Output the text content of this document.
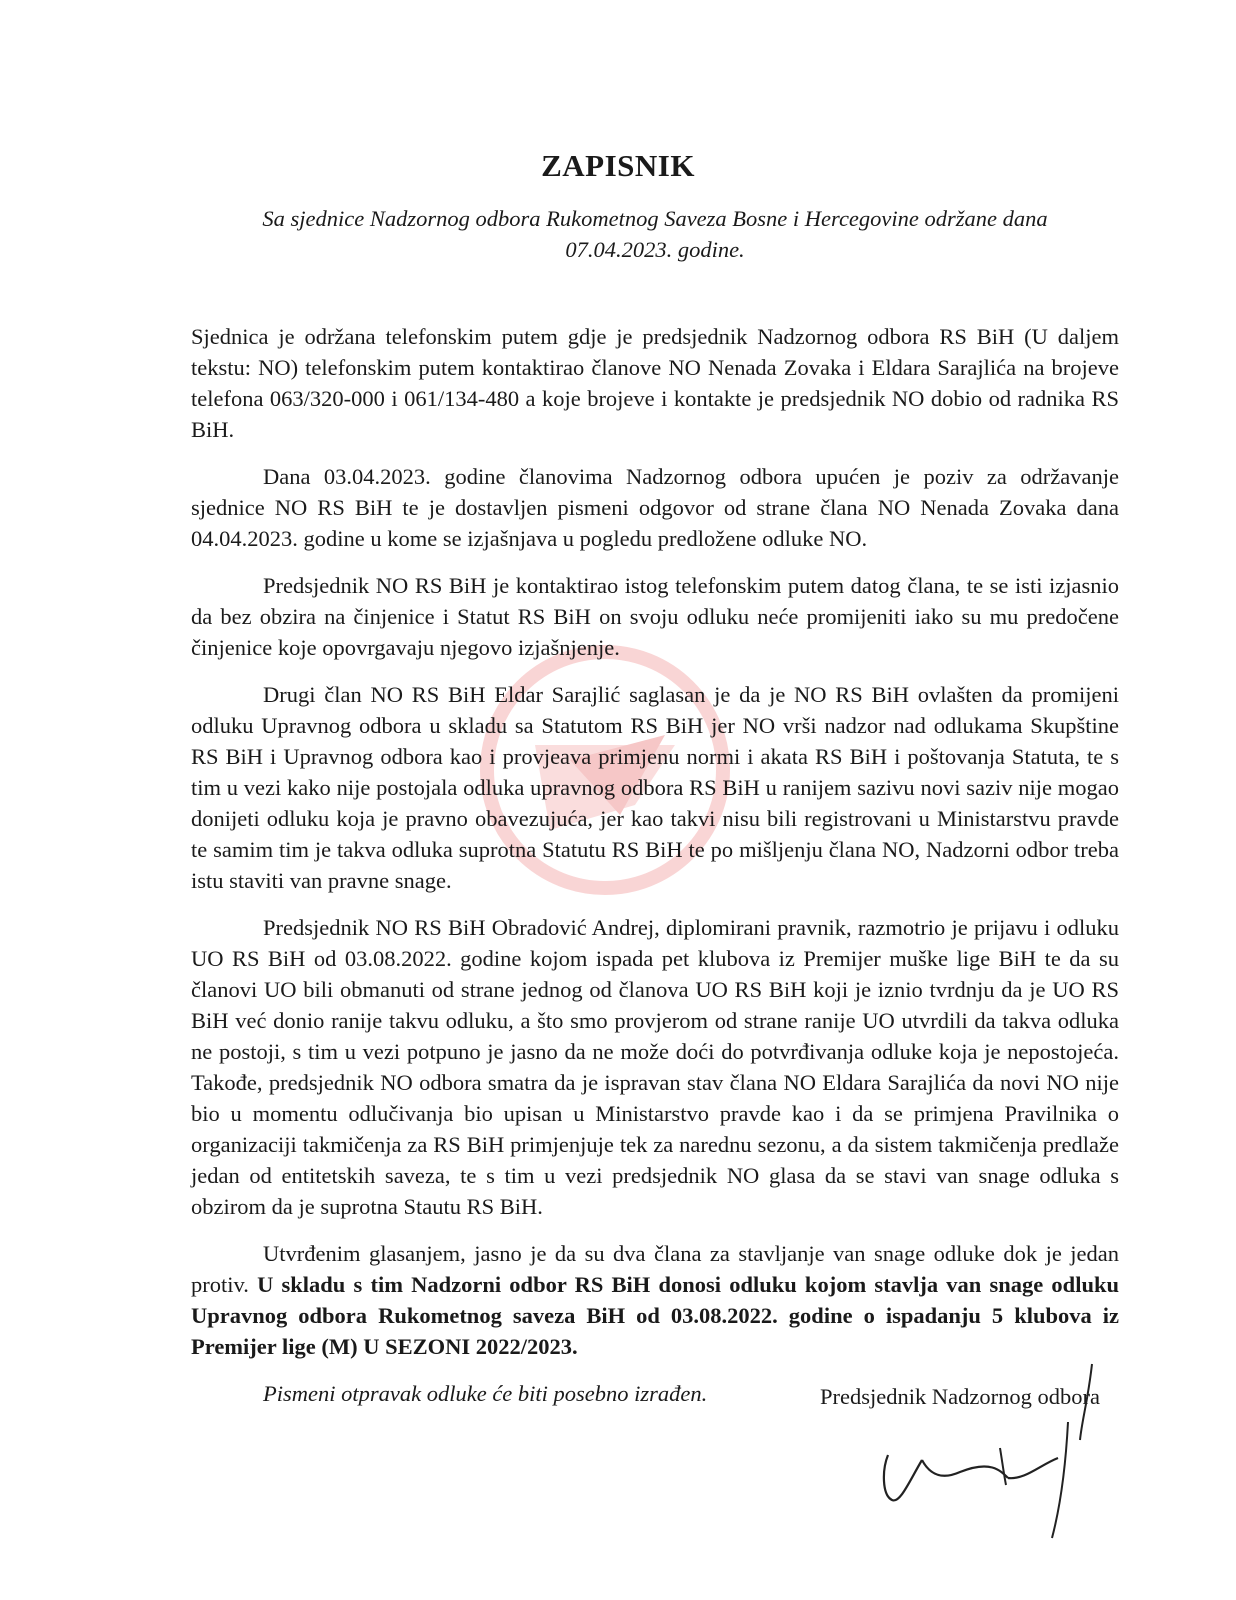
ZAPISNIK
Sa sjednice Nadzornog odbora Rukometnog Saveza Bosne i Hercegovine održane dana
07.04.2023. godine.

Sjednica je održana telefonskim putem gdje je predsjednik Nadzornog odbora RS BiH (U daljem tekstu: NO) telefonskim putem kontaktirao članove NO Nenada Zovaka i Eldara Sarajlića na brojeve telefona 063/320-000 i 061/134-480 a koje brojeve i kontakte je predsjednik NO dobio od radnika RS BiH.

Dana 03.04.2023. godine članovima Nadzornog odbora upućen je poziv za održavanje sjednice NO RS BiH te je dostavljen pismeni odgovor od strane člana NO Nenada Zovaka dana 04.04.2023. godine u kome se izjašnjava u pogledu predložene odluke NO.

Predsjednik NO RS BiH je kontaktirao istog telefonskim putem datog člana, te se isti izjasnio da bez obzira na činjenice i Statut RS BiH on svoju odluku neće promijeniti iako su mu predočene činjenice koje opovrgavaju njegovo izjašnjenje.

Drugi član NO RS BiH Eldar Sarajlić saglasan je da je NO RS BiH ovlašten da promijeni odluku Upravnog odbora u skladu sa Statutom RS BiH jer NO vrši nadzor nad odlukama Skupštine RS BiH i Upravnog odbora kao i provjeava primjenu normi i akata RS BiH i poštovanja Statuta, te s tim u vezi kako nije postojala odluka upravnog odbora RS BiH u ranijem sazivu novi saziv nije mogao donijeti odluku koja je pravno obavezujuća, jer kao takvi nisu bili registrovani u Ministarstvu pravde te samim tim je takva odluka suprotna Statutu RS BiH te po mišljenju člana NO, Nadzorni odbor treba istu staviti van pravne snage.

Predsjednik NO RS BiH Obradović Andrej, diplomirani pravnik, razmotrio je prijavu i odluku UO RS BiH od 03.08.2022. godine kojom ispada pet klubova iz Premijer muške lige BiH te da su članovi UO bili obmanuti od strane jednog od članova UO RS BiH koji je iznio tvrdnju da je UO RS BiH već donio ranije takvu odluku, a što smo provjerom od strane ranije UO utvrdili da takva odluka ne postoji, s tim u vezi potpuno je jasno da ne može doći do potvrđivanja odluke koja je nepostojeća. Takođe, predsjednik NO odbora smatra da je ispravan stav člana NO Eldara Sarajlića da novi NO nije bio u momentu odlučivanja bio upisan u Ministarstvo pravde kao i da se primjena Pravilnika o organizaciji takmičenja za RS BiH primjenjuje tek za narednu sezonu, a da sistem takmičenja predlaže jedan od entitetskih saveza, te s tim u vezi predsjednik NO glasa da se stavi van snage odluka s obzirom da je suprotna Stautu RS BiH.

Utvrđenim glasanjem, jasno je da su dva člana za stavljanje van snage odluke dok je jedan protiv. U skladu s tim Nadzorni odbor RS BiH donosi odluku kojom stavlja van snage odluku Upravnog odbora Rukometnog saveza BiH od 03.08.2022. godine o ispadanju 5 klubova iz Premijer lige (M) U SEZONI 2022/2023.

Pismeni otpravak odluke će biti posebno izrađen.	Predsjednik Nadzornog odbora
